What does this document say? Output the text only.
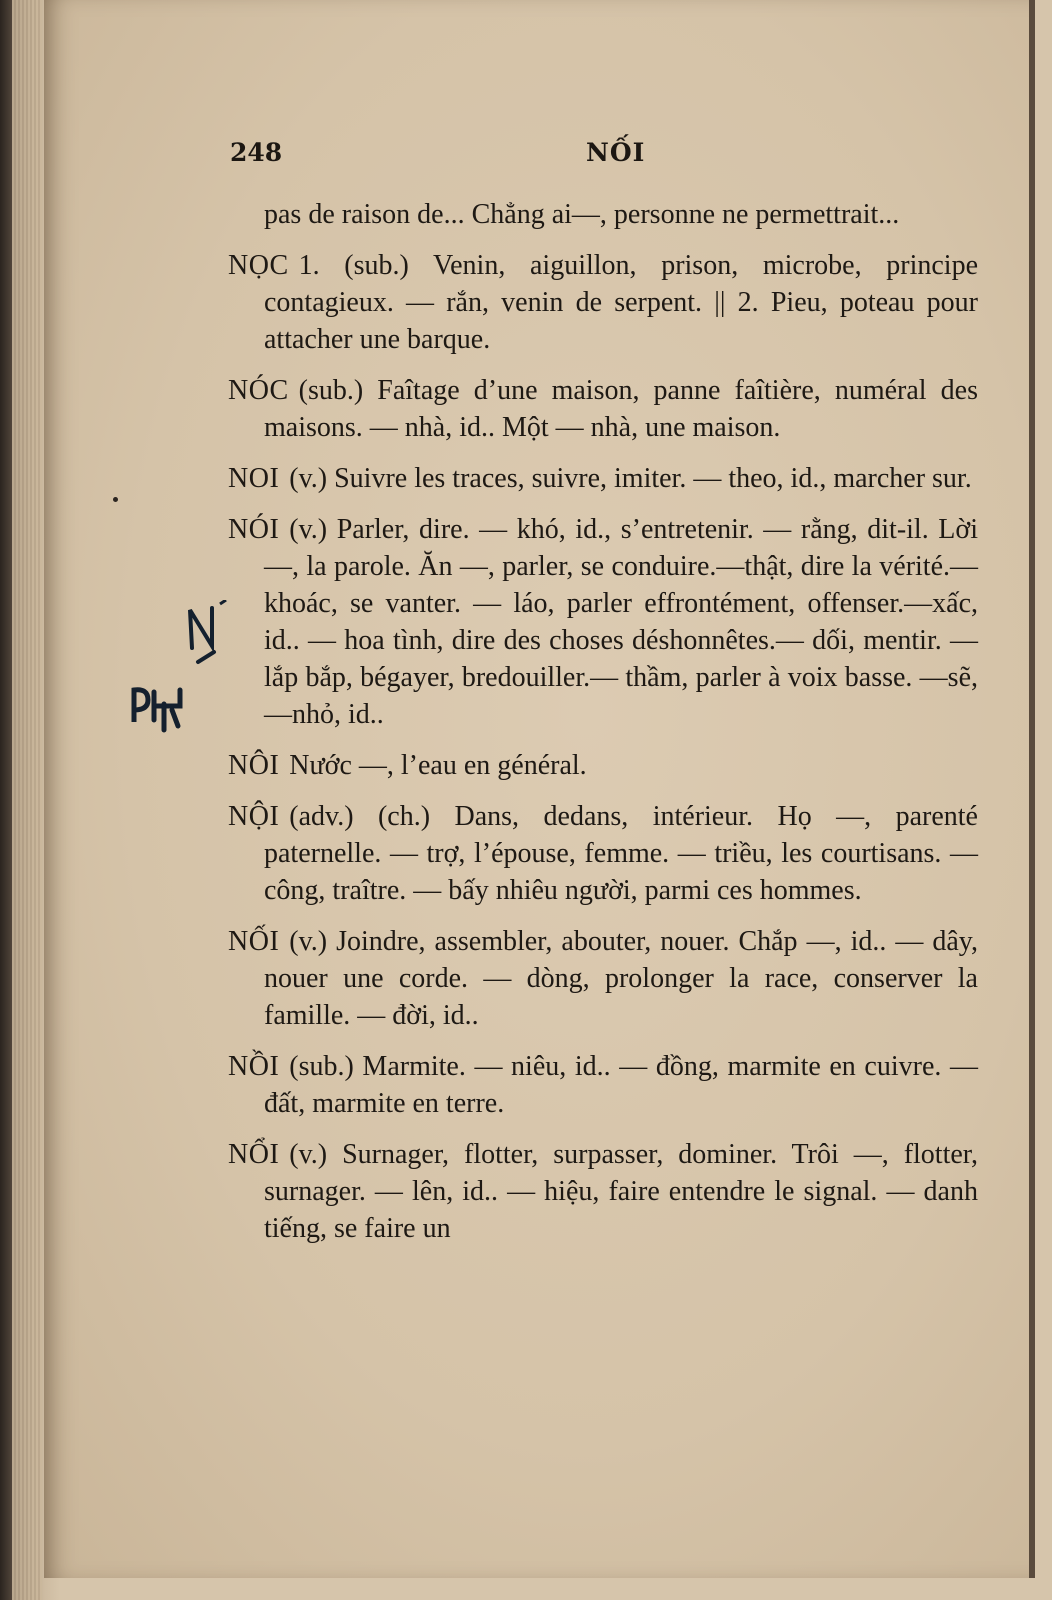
248	NỐI

pas de raison de... Chẳng ai—, personne ne permettrait...

NỌC 1. (sub.) Venin, aiguillon, prison, microbe, principe contagieux. — rắn, venin de serpent. || 2. Pieu, poteau pour attacher une barque.

NÓC (sub.) Faîtage d’une maison, panne faîtière, numéral des maisons. — nhà, id.. Một — nhà, une maison.

NOI (v.) Suivre les traces, suivre, imiter. — theo, id., marcher sur.

NÓI (v.) Parler, dire. — khó, id., s’entretenir. — rằng, dit-il. Lời —, la parole. Ăn —, parler, se conduire.—thật, dire la vérité.—khoác, se vanter. — láo, parler effrontément, offenser.—xấc, id.. — hoa tình, dire des choses déshonnêtes.— dối, mentir. — lắp bắp, bégayer, bredouiller.— thầm, parler à voix basse. —sẽ, —nhỏ, id..

NÔI Nước —, l’eau en général.

NỘI (adv.) (ch.) Dans, dedans, intérieur. Họ —, parenté paternelle. — trợ, l’épouse, femme. — triều, les courtisans. — công, traître. — bấy nhiêu người, parmi ces hommes.

NỐI (v.) Joindre, assembler, abouter, nouer. Chắp —, id.. — dây, nouer une corde. — dòng, prolonger la race, conserver la famille. — đời, id..

NỒI (sub.) Marmite. — niêu, id.. — đồng, marmite en cuivre. — đất, marmite en terre.

NỔI (v.) Surnager, flotter, surpasser, dominer. Trôi —, flotter, surnager. — lên, id.. — hiệu, faire entendre le signal. — danh tiếng, se faire un
